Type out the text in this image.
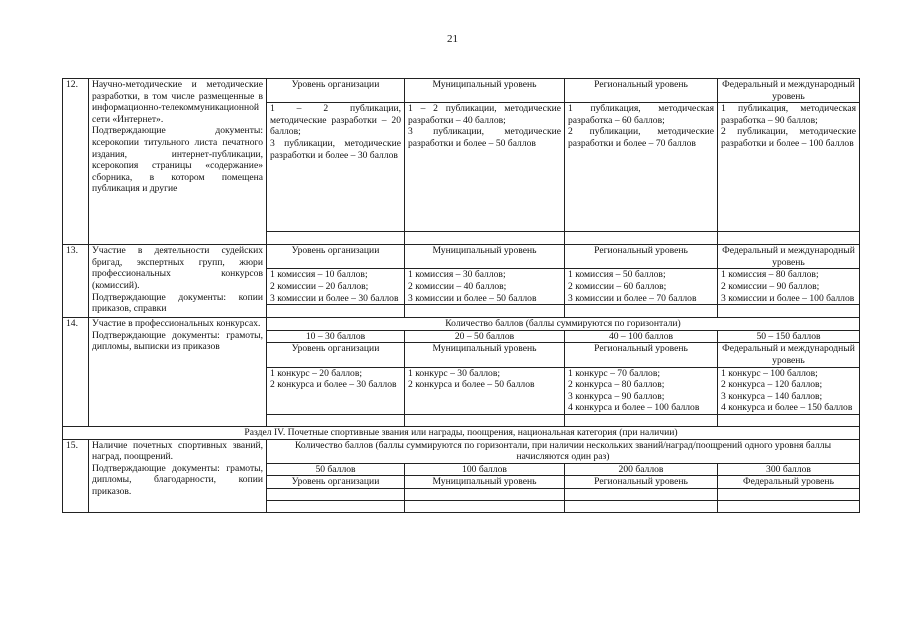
21
12.	Научно-методические и методические разработки, в том числе размещенные в информационно-телекоммуникационной сети «Интернет».
Подтверждающие документы: ксерокопии титульного листа печатного издания, интернет-публикации, ксерокопия страницы «содержание» сборника, в котором помещена публикация и другие	Уровень организации	Муниципальный уровень	Региональный уровень	Федеральный и международный уровень

		1 – 2 публикации, методические разработки – 20 баллов;
3 публикации, методические разработки и более – 30 баллов	1 – 2 публикации, методические разработки – 40 баллов;
3 публикации, методические разработки и более – 50 баллов	1 публикация, методическая разработка – 60 баллов;
2 публикации, методические разработки и более – 70 баллов	1 публикация, методическая разработка – 90 баллов;
2 публикации, методические разработки и более – 100 баллов

13.	Участие в деятельности судейских бригад, экспертных групп, жюри профессиональных конкурсов (комиссий).
Подтверждающие документы: копии приказов, справки	Уровень организации	Муниципальный уровень	Региональный уровень	Федеральный и международный уровень

		1 комиссия – 10 баллов;
2 комиссии – 20 баллов;
3 комиссии и более – 30 баллов	1 комиссия – 30 баллов;
2 комиссии – 40 баллов;
3 комиссии и более – 50 баллов	1 комиссия – 50 баллов;
2 комиссии – 60 баллов;
3 комиссии и более – 70 баллов	1 комиссия – 80 баллов;
2 комиссии – 90 баллов;
3 комиссии и более – 100 баллов

14.	Участие в профессиональных конкурсах.
Подтверждающие документы: грамоты, дипломы, выписки из приказов	Количество баллов (баллы суммируются по горизонтали)			
		10 – 30 баллов	20 – 50 баллов	40 – 100 баллов	50 – 150 баллов
		Уровень организации	Муниципальный уровень	Региональный уровень	Федеральный и международный уровень

		1 конкурс – 20 баллов;
2 конкурса и более – 30 баллов	1 конкурс – 30 баллов;
2 конкурса и более – 50 баллов	1 конкурс – 70 баллов;
2 конкурса – 80 баллов;
3 конкурса – 90 баллов;
4 конкурса и более – 100 баллов	1 конкурс – 100 баллов;
2 конкурса – 120 баллов;
3 конкурса – 140 баллов;
4 конкурса и более – 150 баллов

Раздел IV. Почетные спортивные звания или награды, поощрения, национальная категория (при наличии)					
15.	Наличие почетных спортивных званий, наград, поощрений.
Подтверждающие документы: грамоты, дипломы, благодарности, копии приказов.	Количество баллов (баллы суммируются по горизонтали, при наличии нескольких званий/наград/поощрений одного уровня баллы начисляются один раз)			
		50 баллов	100 баллов	200 баллов	300 баллов
		Уровень организации	Муниципальный уровень	Региональный уровень	Федеральный уровень
